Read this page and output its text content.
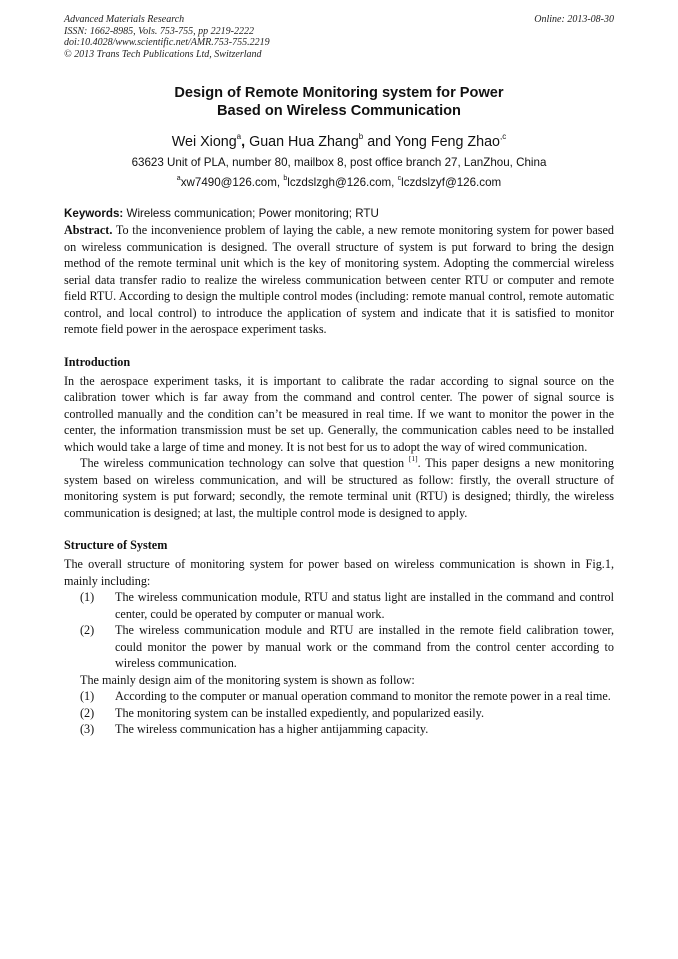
Advanced Materials Research
ISSN: 1662-8985, Vols. 753-755, pp 2219-2222
doi:10.4028/www.scientific.net/AMR.753-755.2219
© 2013 Trans Tech Publications Ltd, Switzerland
Online: 2013-08-30
Design of Remote Monitoring system for Power
Based on Wireless Communication
Wei Xiong$^a$, Guan Hua Zhang$^b$ and Yong Feng Zhao$^{,c}$
63623 Unit of PLA, number 80, mailbox 8, post office branch 27, LanZhou, China
$^a$xw7490@126.com, $^b$lczdslzgh@126.com, $^c$lczdslzyf@126.com
Keywords: Wireless communication; Power monitoring; RTU

Abstract. To the inconvenience problem of laying the cable, a new remote monitoring system for power based on wireless communication is designed. The overall structure of system is put forward to bring the design method of the remote terminal unit which is the key of monitoring system. Adopting the commercial wireless serial data transfer radio to realize the wireless communication between center RTU or computer and remote field RTU. According to design the multiple control modes (including: remote manual control, remote automatic control, and local control) to introduce the application of system and indicate that it is satisfied to monitor remote field power in the aerospace experiment tasks.

Introduction

In the aerospace experiment tasks, it is important to calibrate the radar according to signal source on the calibration tower which is far away from the command and control center. The power of signal source is controlled manually and the condition can’t be measured in real time. If we want to monitor the power in the center, the information transmission must be set up. Generally, the communication cables need to be installed which would take a large of time and money. It is not best for us to adopt the way of wired communication.

The wireless communication technology can solve that question [1]. This paper designs a new monitoring system based on wireless communication, and will be structured as follow: firstly, the overall structure of monitoring system is put forward; secondly, the remote terminal unit (RTU) is designed; thirdly, the wireless communication is designed; at last, the multiple control mode is designed to apply.

Structure of System

The overall structure of monitoring system for power based on wireless communication is shown in Fig.1, mainly including:

(1)	The wireless communication module, RTU and status light are installed in the command and control center, could be operated by computer or manual work.
(2)	The wireless communication module and RTU are installed in the remote field calibration tower, could monitor the power by manual work or the command from the control center according to wireless communication.
The mainly design aim of the monitoring system is shown as follow:
(1)	According to the computer or manual operation command to monitor the remote power in a real time.
(2)	The monitoring system can be installed expediently, and popularized easily.
(3)	The wireless communication has a higher antijamming capacity.
